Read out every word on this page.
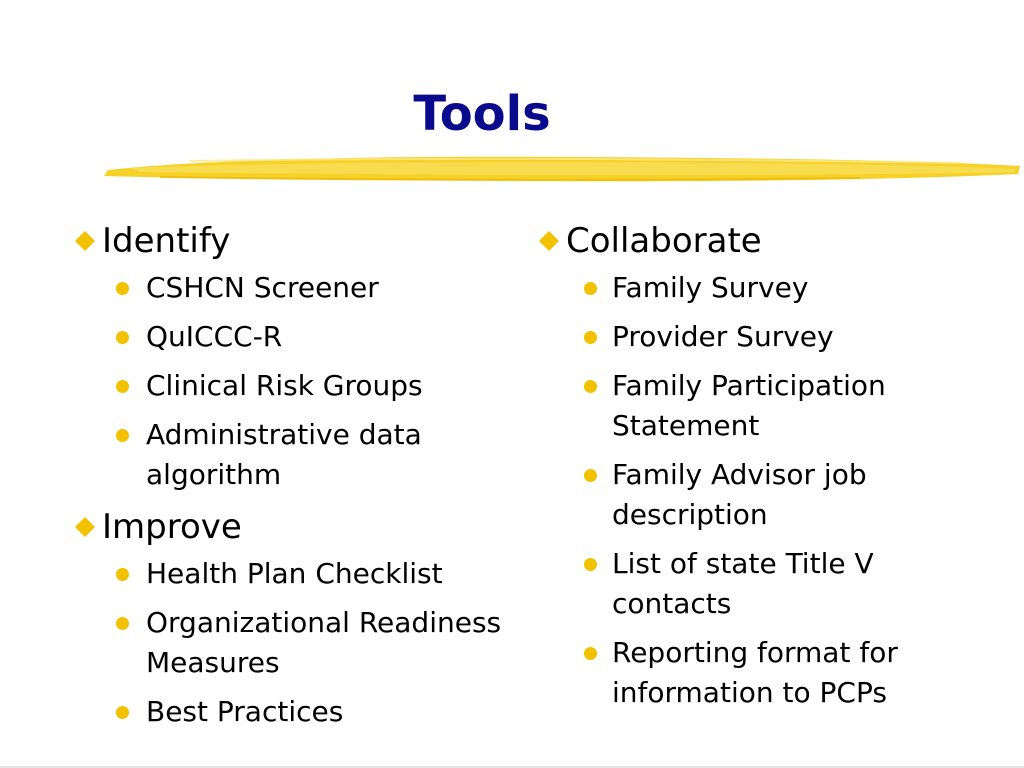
Tools
Identify
CSHCN Screener
QuICCC-R
Clinical Risk Groups
Administrative data algorithm
Improve
Health Plan Checklist
Organizational Readiness Measures
Best Practices
Collaborate
Family Survey
Provider Survey
Family Participation Statement
Family Advisor job description
List of state Title V contacts
Reporting format for information to PCPs
